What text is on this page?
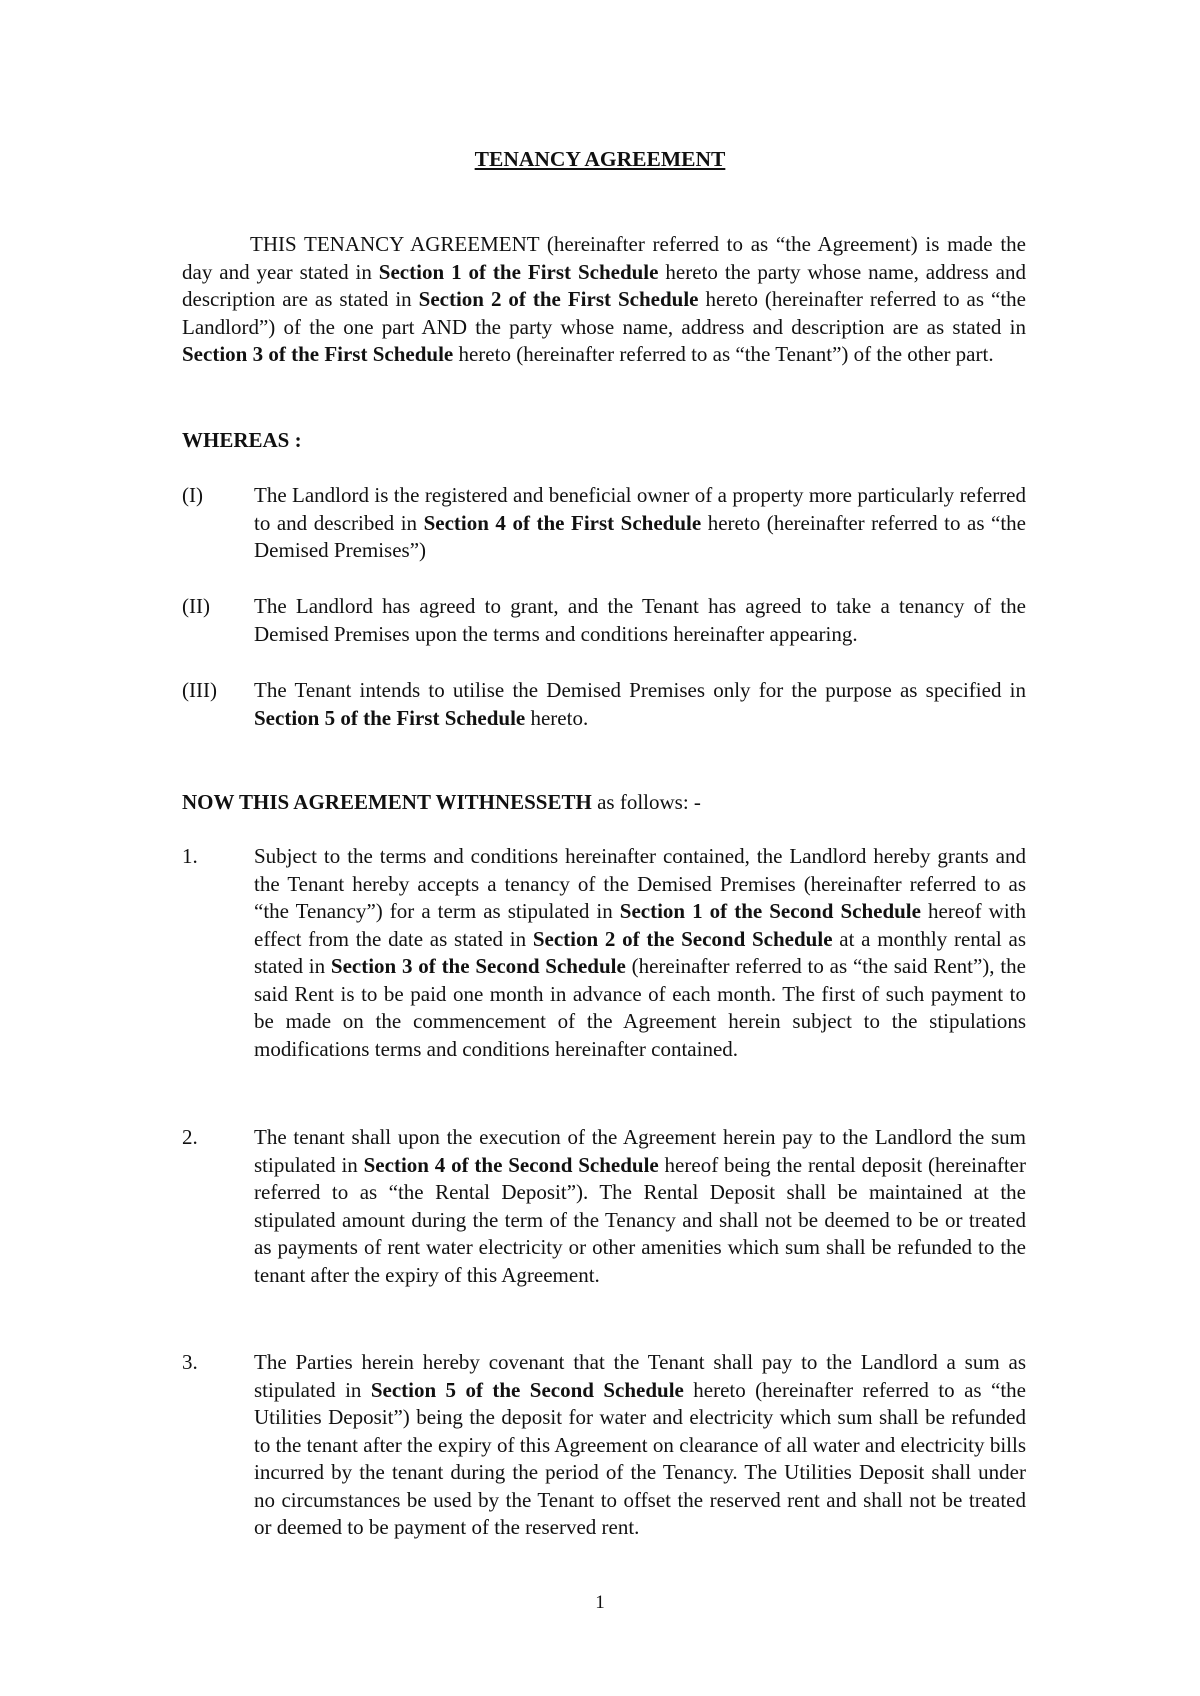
TENANCY AGREEMENT

THIS TENANCY AGREEMENT (hereinafter referred to as “the Agreement) is made the day and year stated in Section 1 of the First Schedule hereto the party whose name, address and description are as stated in Section 2 of the First Schedule hereto (hereinafter referred to as “the Landlord”) of the one part AND the party whose name, address and description are as stated in Section 3 of the First Schedule hereto (hereinafter referred to as “the Tenant”) of the other part.

WHEREAS :

(I) The Landlord is the registered and beneficial owner of a property more particularly referred to and described in Section 4 of the First Schedule hereto (hereinafter referred to as “the Demised Premises”)
(II) The Landlord has agreed to grant, and the Tenant has agreed to take a tenancy of the Demised Premises upon the terms and conditions hereinafter appearing.
(III) The Tenant intends to utilise the Demised Premises only for the purpose as specified in Section 5 of the First Schedule hereto.

NOW THIS AGREEMENT WITHNESSETH as follows: -

1.	Subject to the terms and conditions hereinafter contained, the Landlord hereby grants and the Tenant hereby accepts a tenancy of the Demised Premises (hereinafter referred to as “the Tenancy”) for a term as stipulated in Section 1 of the Second Schedule hereof with effect from the date as stated in Section 2 of the Second Schedule at a monthly rental as stated in Section 3 of the Second Schedule (hereinafter referred to as “the said Rent”), the said Rent is to be paid one month in advance of each month. The first of such payment to be made on the commencement of the Agreement herein subject to the stipulations modifications terms and conditions hereinafter contained.
2.	The tenant shall upon the execution of the Agreement herein pay to the Landlord the sum stipulated in Section 4 of the Second Schedule hereof being the rental deposit (hereinafter referred to as “the Rental Deposit”). The Rental Deposit shall be maintained at the stipulated amount during the term of the Tenancy and shall not be deemed to be or treated as payments of rent water electricity or other amenities which sum shall be refunded to the tenant after the expiry of this Agreement.
3.	The Parties herein hereby covenant that the Tenant shall pay to the Landlord a sum as stipulated in Section 5 of the Second Schedule hereto (hereinafter referred to as “the Utilities Deposit”) being the deposit for water and electricity which sum shall be refunded to the tenant after the expiry of this Agreement on clearance of all water and electricity bills incurred by the tenant during the period of the Tenancy. The Utilities Deposit shall under no circumstances be used by the Tenant to offset the reserved rent and shall not be treated or deemed to be payment of the reserved rent.
1
